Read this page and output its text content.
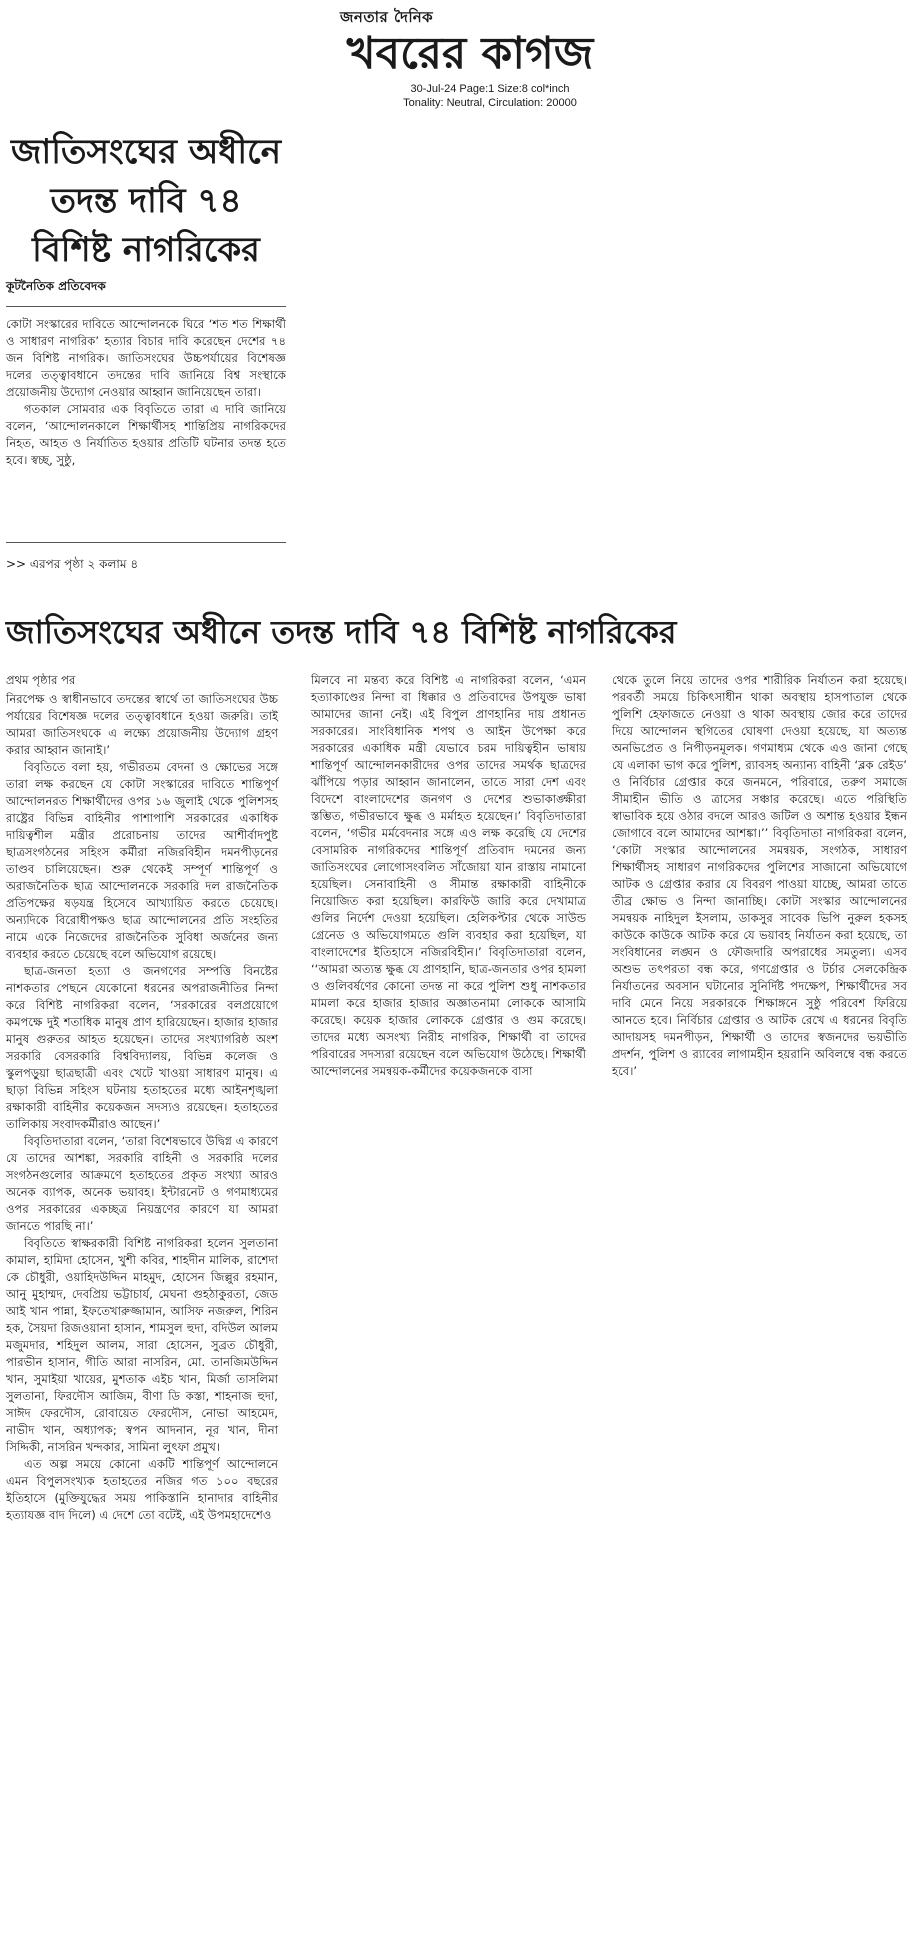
জনতার দৈনিক
খবরের কাগজ
30-Jul-24 Page:1 Size:8 col*inch
Tonality: Neutral, Circulation: 20000
জাতিসংঘের অধীনে
তদন্ত দাবি ৭৪
বিশিষ্ট নাগরিকের
কূটনৈতিক প্রতিবেদক

কোটা সংস্কারের দাবিতে আন্দোলনকে ঘিরে ‘শত শত শিক্ষার্থী ও সাধারণ নাগরিক’ হত্যার বিচার দাবি করেছেন দেশের ৭৪ জন বিশিষ্ট নাগরিক। জাতিসংঘের উচ্চপর্যায়ের বিশেষজ্ঞ দলের তত্ত্বাবধানে তদন্তের দাবি জানিয়ে বিশ্ব সংস্থাকে প্রয়োজনীয় উদ্যোগ নেওয়ার আহ্বান জানিয়েছেন তারা।

গতকাল সোমবার এক বিবৃতিতে তারা এ দাবি জানিয়ে বলেন, ‘আন্দোলনকালে শিক্ষার্থীসহ শান্তিপ্রিয় নাগরিকদের নিহত, আহত ও নির্যাতিত হওয়ার প্রতিটি ঘটনার তদন্ত হতে হবে। স্বচ্ছ, সুষ্ঠু,

>> এরপর পৃষ্ঠা ২ কলাম ৪
জাতিসংঘের অধীনে তদন্ত দাবি ৭৪ বিশিষ্ট নাগরিকের

প্রথম পৃষ্ঠার পর

নিরপেক্ষ ও স্বাধীনভাবে তদন্তের স্বার্থে তা জাতিসংঘের উচ্চ পর্যায়ের বিশেষজ্ঞ দলের তত্ত্বাবধানে হওয়া জরুরি। তাই আমরা জাতিসংঘকে এ লক্ষ্যে প্রয়োজনীয় উদ্যোগ গ্রহণ করার আহ্বান জানাই।’

বিবৃতিতে বলা হয়, গভীরতম বেদনা ও ক্ষোভের সঙ্গে তারা লক্ষ করছেন যে কোটা সংস্কারের দাবিতে শান্তিপূর্ণ আন্দোলনরত শিক্ষার্থীদের ওপর ১৬ জুলাই থেকে পুলিশসহ রাষ্ট্রের বিভিন্ন বাহিনীর পাশাপাশি সরকারের একাধিক দায়িত্বশীল মন্ত্রীর প্ররোচনায় তাদের আশীর্বাদপুষ্ট ছাত্রসংগঠনের সহিংস কর্মীরা নজিরবিহীন দমনপীড়নের তাণ্ডব চালিয়েছেন। শুরু থেকেই সম্পূর্ণ শান্তিপূর্ণ ও অরাজনৈতিক ছাত্র আন্দোলনকে সরকারি দল রাজনৈতিক প্রতিপক্ষের ষড়যন্ত্র হিসেবে আখ্যায়িত করতে চেয়েছে। অন্যদিকে বিরোধীপক্ষও ছাত্র আন্দোলনের প্রতি সংহতির নামে একে নিজেদের রাজনৈতিক সুবিধা অর্জনের জন্য ব্যবহার করতে চেয়েছে বলে অভিযোগ রয়েছে।

ছাত্র-জনতা হত্যা ও জনগণের সম্পত্তি বিনষ্টের নাশকতার পেছনে যেকোনো ধরনের অপরাজনীতির নিন্দা করে বিশিষ্ট নাগরিকরা বলেন, ‘সরকারের বলপ্রয়োগে কমপক্ষে দুই শতাধিক মানুষ প্রাণ হারিয়েছেন। হাজার হাজার মানুষ গুরুতর আহত হয়েছেন। তাদের সংখ্যাগরিষ্ঠ অংশ সরকারি বেসরকারি বিশ্ববিদ্যালয়, বিভিন্ন কলেজ ও স্কুলপড়ুয়া ছাত্রছাত্রী এবং খেটে খাওয়া সাধারণ মানুষ। এ ছাড়া বিভিন্ন সহিংস ঘটনায় হতাহতের মধ্যে আইনশৃঙ্খলা রক্ষাকারী বাহিনীর কয়েকজন সদস্যও রয়েছেন। হতাহতের তালিকায় সংবাদকর্মীরাও আছেন।’

বিবৃতিদাতারা বলেন, ‘তারা বিশেষভাবে উদ্বিগ্ন এ কারণে যে তাদের আশঙ্কা, সরকারি বাহিনী ও সরকারি দলের সংগঠনগুলোর আক্রমণে হতাহতের প্রকৃত সংখ্যা আরও অনেক ব্যাপক, অনেক ভয়াবহ। ইন্টারনেট ও গণমাধ্যমের ওপর সরকারের একচ্ছত্র নিয়ন্ত্রণের কারণে যা আমরা জানতে পারছি না।’

বিবৃতিতে স্বাক্ষরকারী বিশিষ্ট নাগরিকরা হলেন সুলতানা কামাল, হামিদা হোসেন, খুশী কবির, শাহদীন মালিক, রাশেদা কে চৌধুরী, ওয়াহিদউদ্দিন মাহমুদ, হোসেন জিল্লুর রহমান, আনু মুহাম্মদ, দেবপ্রিয় ভট্টাচার্য, মেঘনা গুহঠাকুরতা, জেড আই খান পান্না, ইফতেখারুজ্জামান, আসিফ নজরুল, শিরিন হক, সৈয়দা রিজওয়ানা হাসান, শামসুল হুদা, বদিউল আলম মজুমদার, শহিদুল আলম, সারা হোসেন, সুব্রত চৌধুরী, পারভীন হাসান, গীতি আরা নাসরিন, মো. তানজিমউদ্দিন খান, সুমাইয়া খায়ের, মুশতাক এইচ খান, মির্জা তাসলিমা সুলতানা, ফিরদৌস আজিম, বীণা ডি কস্তা, শাহনাজ হুদা, সাঈদ ফেরদৌস, রোবায়েত ফেরদৌস, নোভা আহমেদ, নাভীদ খান, অধ্যাপক; স্বপন আদনান, নূর খান, দীনা সিদ্দিকী, নাসরিন খন্দকার, সামিনা লুৎফা প্রমুখ।

এত অল্প সময়ে কোনো একটি শান্তিপূর্ণ আন্দোলনে এমন বিপুলসংখ্যক হতাহতের নজির গত ১০০ বছরের ইতিহাসে (মুক্তিযুদ্ধের সময় পাকিস্তানি হানাদার বাহিনীর হত্যাযজ্ঞ বাদ দিলে) এ দেশে তো বটেই, এই উপমহাদেশেও

মিলবে না মন্তব্য করে বিশিষ্ট এ নাগরিকরা বলেন, ‘এমন হত্যাকাণ্ডের নিন্দা বা ধিক্কার ও প্রতিবাদের উপযুক্ত ভাষা আমাদের জানা নেই। এই বিপুল প্রাণহানির দায় প্রধানত সরকারের। সাংবিধানিক শপথ ও আইন উপেক্ষা করে সরকারের একাধিক মন্ত্রী যেভাবে চরম দায়িত্বহীন ভাষায় শান্তিপূর্ণ আন্দোলনকারীদের ওপর তাদের সমর্থক ছাত্রদের ঝাঁপিয়ে পড়ার আহ্বান জানালেন, তাতে সারা দেশ এবং বিদেশে বাংলাদেশের জনগণ ও দেশের শুভাকাঙ্ক্ষীরা স্তম্ভিত, গভীরভাবে ক্ষুব্ধ ও মর্মাহত হয়েছেন।’ বিবৃতিদাতারা বলেন, ‘গভীর মর্মবেদনার সঙ্গে এও লক্ষ করেছি যে দেশের বেসামরিক নাগরিকদের শান্তিপূর্ণ প্রতিবাদ দমনের জন্য জাতিসংঘের লোগোসংবলিত সাঁজোয়া যান রাস্তায় নামানো হয়েছিল। সেনাবাহিনী ও সীমান্ত রক্ষাকারী বাহিনীকে নিয়োজিত করা হয়েছিল। কারফিউ জারি করে দেখামাত্র গুলির নির্দেশ দেওয়া হয়েছিল। হেলিকপ্টার থেকে সাউন্ড গ্রেনেড ও অভিযোগমতে গুলি ব্যবহার করা হয়েছিল, যা বাংলাদেশের ইতিহাসে নজিরবিহীন।’ বিবৃতিদাতারা বলেন, ‘‘আমরা অত্যন্ত ক্ষুব্ধ যে প্রাণহানি, ছাত্র-জনতার ওপর হামলা ও গুলিবর্ষণের কোনো তদন্ত না করে পুলিশ শুধু নাশকতার মামলা করে হাজার হাজার অজ্ঞাতনামা লোককে আসামি করেছে। কয়েক হাজার লোককে গ্রেপ্তার ও গুম করেছে। তাদের মধ্যে অসংখ্য নিরীহ নাগরিক, শিক্ষার্থী বা তাদের পরিবারের সদস্যরা রয়েছেন বলে অভিযোগ উঠেছে। শিক্ষার্থী আন্দোলনের সমন্বয়ক-কর্মীদের কয়েকজনকে বাসা

থেকে তুলে নিয়ে তাদের ওপর শারীরিক নির্যাতন করা হয়েছে। পরবর্তী সময়ে চিকিৎসাধীন থাকা অবস্থায় হাসপাতাল থেকে পুলিশি হেফাজতে নেওয়া ও থাকা অবস্থায় জোর করে তাদের দিয়ে আন্দোলন স্থগিতের ঘোষণা দেওয়া হয়েছে, যা অত্যন্ত অনভিপ্রেত ও নিপীড়নমূলক। গণমাধ্যম থেকে এও জানা গেছে যে এলাকা ভাগ করে পুলিশ, র‍্যাবসহ অন্যান্য বাহিনী ‘ব্লক রেইড’ ও নির্বিচার গ্রেপ্তার করে জনমনে, পরিবারে, তরুণ সমাজে সীমাহীন ভীতি ও ত্রাসের সঞ্চার করেছে। এতে পরিস্থিতি স্বাভাবিক হয়ে ওঠার বদলে আরও জটিল ও অশান্ত হওয়ার ইন্ধন জোগাবে বলে আমাদের আশঙ্কা।’’ বিবৃতিদাতা নাগরিকরা বলেন, ‘কোটা সংস্কার আন্দোলনের সমন্বয়ক, সংগঠক, সাধারণ শিক্ষার্থীসহ সাধারণ নাগরিকদের পুলিশের সাজানো অভিযোগে আটক ও গ্রেপ্তার করার যে বিবরণ পাওয়া যাচ্ছে, আমরা তাতে তীব্র ক্ষোভ ও নিন্দা জানাচ্ছি। কোটা সংস্কার আন্দোলনের সমন্বয়ক নাহিদুল ইসলাম, ডাকসুর সাবেক ভিপি নুরুল হকসহ কাউকে কাউকে আটক করে যে ভয়াবহ নির্যাতন করা হয়েছে, তা সংবিধানের লঙ্ঘন ও ফৌজদারি অপরাধের সমতুল্য। এসব অশুভ তৎপরতা বন্ধ করে, গণগ্রেপ্তার ও টর্চার সেলকেন্দ্রিক নির্যাতনের অবসান ঘটানোর সুনির্দিষ্ট পদক্ষেপ, শিক্ষার্থীদের সব দাবি মেনে নিয়ে সরকারকে শিক্ষাঙ্গনে সুষ্ঠু পরিবেশ ফিরিয়ে আনতে হবে। নির্বিচার গ্রেপ্তার ও আটক রেখে এ ধরনের বিবৃতি আদায়সহ দমনপীড়ন, শিক্ষার্থী ও তাদের স্বজনদের ভয়ভীতি প্রদর্শন, পুলিশ ও র‍্যাবের লাগামহীন হয়রানি অবিলম্বে বন্ধ করতে হবে।’
